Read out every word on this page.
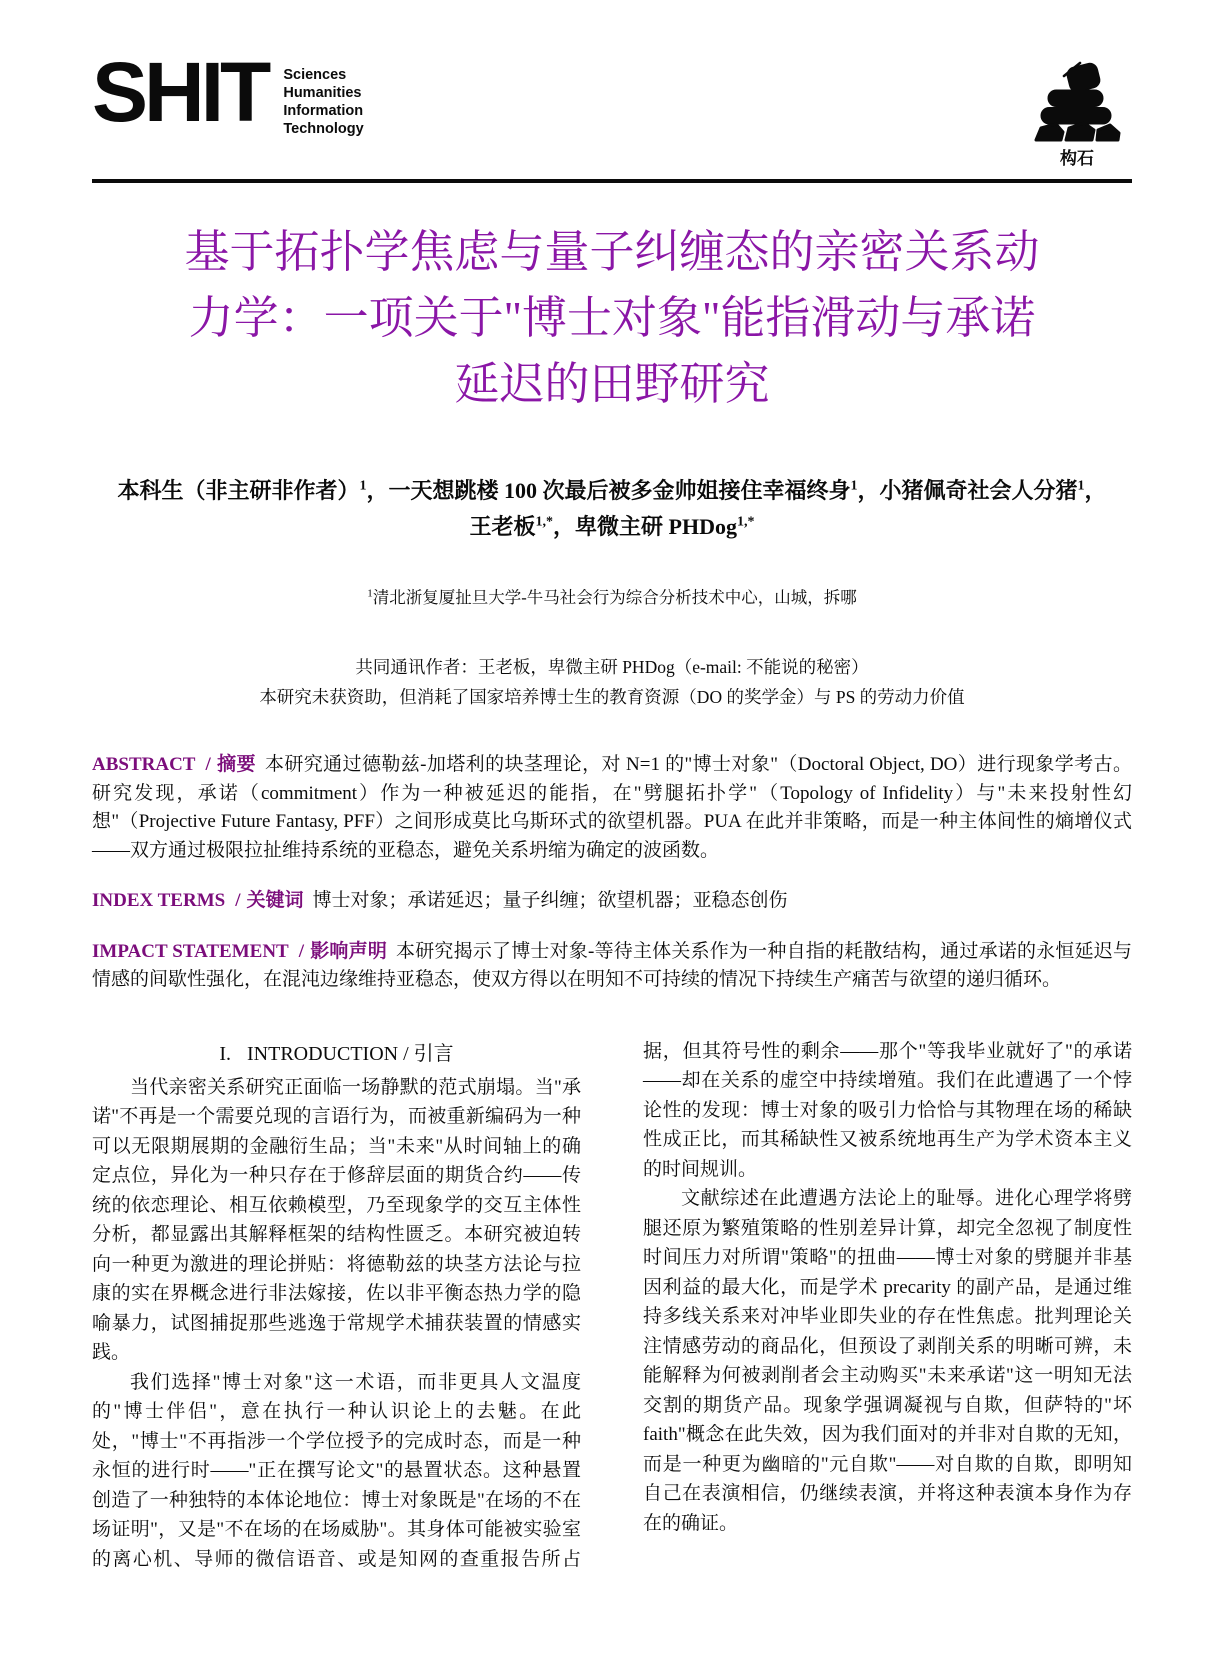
SHIT Sciences
Humanities
Information
Technology
构石
基于拓扑学焦虑与量子纠缠态的亲密关系动
力学：一项关于"博士对象"能指滑动与承诺
延迟的田野研究
本科生（非主研非作者）$^1$，一天想跳楼 100 次最后被多金帅姐接住幸福终身$^1$，小猪佩奇社会人分猪$^1$，王老板$^{1,*}$，卑微主研 PHDog$^{1,*}$
$^1$清北浙复厦扯旦大学-牛马社会行为综合分析技术中心，山城，拆哪
共同通讯作者：王老板，卑微主研 PHDog（e-mail: 不能说的秘密）
本研究未获资助，但消耗了国家培养博士生的教育资源（DO 的奖学金）与 PS 的劳动力价值
ABSTRACT / 摘要 本研究通过德勒兹-加塔利的块茎理论，对 N=1 的"博士对象"（Doctoral Object, DO）进行现象学考古。研究发现，承诺（commitment）作为一种被延迟的能指，在"劈腿拓扑学"（Topology of Infidelity）与"未来投射性幻想"（Projective Future Fantasy, PFF）之间形成莫比乌斯环式的欲望机器。PUA 在此并非策略，而是一种主体间性的熵增仪式——双方通过极限拉扯维持系统的亚稳态，避免关系坍缩为确定的波函数。
INDEX TERMS / 关键词 博士对象；承诺延迟；量子纠缠；欲望机器；亚稳态创伤
IMPACT STATEMENT / 影响声明 本研究揭示了博士对象-等待主体关系作为一种自指的耗散结构，通过承诺的永恒延迟与情感的间歇性强化，在混沌边缘维持亚稳态，使双方得以在明知不可持续的情况下持续生产痛苦与欲望的递归循环。
I. INTRODUCTION / 引言

当代亲密关系研究正面临一场静默的范式崩塌。当"承诺"不再是一个需要兑现的言语行为，而被重新编码为一种可以无限期展期的金融衍生品；当"未来"从时间轴上的确定点位，异化为一种只存在于修辞层面的期货合约——传统的依恋理论、相互依赖模型，乃至现象学的交互主体性分析，都显露出其解释框架的结构性匮乏。本研究被迫转向一种更为激进的理论拼贴：将德勒兹的块茎方法论与拉康的实在界概念进行非法嫁接，佐以非平衡态热力学的隐喻暴力，试图捕捉那些逃逸于常规学术捕获装置的情感实践。

我们选择"博士对象"这一术语，而非更具人文温度的"博士伴侣"，意在执行一种认识论上的去魅。在此处，"博士"不再指涉一个学位授予的完成时态，而是一种永恒的进行时——"正在撰写论文"的悬置状态。这种悬置创造了一种独特的本体论地位：博士对象既是"在场的不在场证明"，又是"不在场的在场威胁"。其身体可能被实验室的离心机、导师的微信语音、或是知网的查重报告所占据，但其符号性的剩余——那个"等我毕业就好了"的承诺——却在关系的虚空中持续增殖。我们在此遭遇了一个悖论性的发现：博士对象的吸引力恰恰与其物理在场的稀缺性成正比，而其稀缺性又被系统地再生产为学术资本主义的时间规训。

文献综述在此遭遇方法论上的耻辱。进化心理学将劈腿还原为繁殖策略的性别差异计算，却完全忽视了制度性时间压力对所谓"策略"的扭曲——博士对象的劈腿并非基因利益的最大化，而是学术 precarity 的副产品，是通过维持多线关系来对冲毕业即失业的存在性焦虑。批判理论关注情感劳动的商品化，但预设了剥削关系的明晰可辨，未能解释为何被剥削者会主动购买"未来承诺"这一明知无法交割的期货产品。现象学强调凝视与自欺，但萨特的"坏 faith"概念在此失效，因为我们面对的并非对自欺的无知，而是一种更为幽暗的"元自欺"——对自欺的自欺，即明知自己在表演相信，仍继续表演，并将这种表演本身作为存在的确证。
